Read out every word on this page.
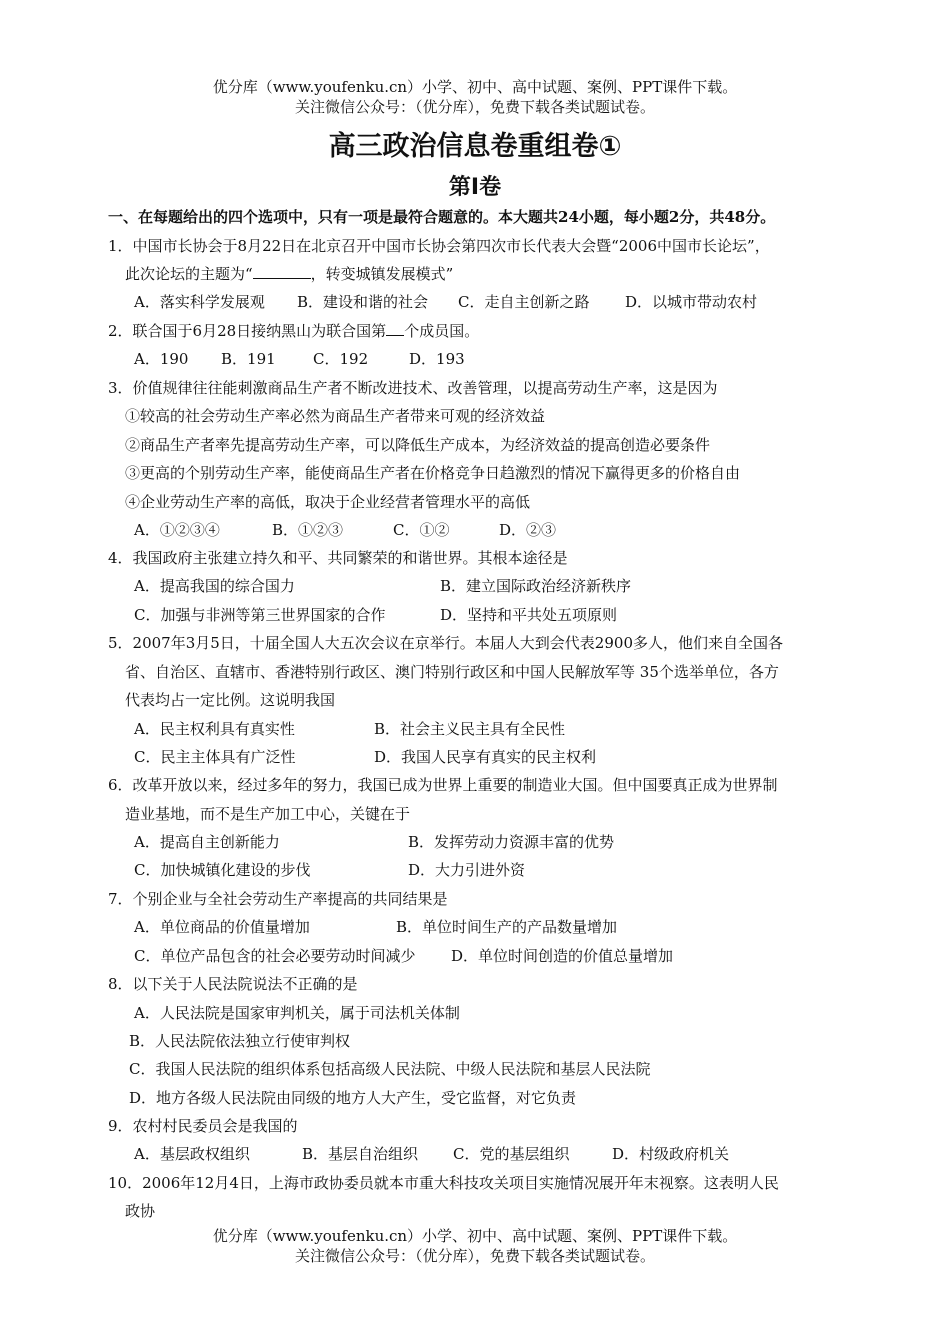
优分库（www.youfenku.cn）小学、初中、高中试题、案例、PPT课件下载。
关注微信公众号：（优分库），免费下载各类试题试卷。
高三政治信息卷重组卷①
第Ⅰ卷
一、在每题给出的四个选项中，只有一项是最符合题意的。本大题共24小题，每小题2分，共48分。
1．中国市长协会于8月22日在北京召开中国市长协会第四次市长代表大会暨“2006中国市长论坛”，
此次论坛的主题为“	，转变城镇发展模式”
A．落实科学发展观 B．建设和谐的社会 C．走自主创新之路 D．以城市带动农村
2．联合国于6月28日接纳黑山为联合国第 个成员国。
A．190 B．191 C．192	D．193
3．价值规律往往能刺激商品生产者不断改进技术、改善管理，以提高劳动生产率，这是因为
①较高的社会劳动生产率必然为商品生产者带来可观的经济效益
②商品生产者率先提高劳动生产率，可以降低生产成本，为经济效益的提高创造必要条件
③更高的个别劳动生产率，能使商品生产者在价格竞争日趋激烈的情况下赢得更多的价格自由
④企业劳动生产率的高低，取决于企业经营者管理水平的高低
A．①②③④	B．①②③	C．①②	D．②③
4．我国政府主张建立持久和平、共同繁荣的和谐世界。其根本途径是
A．提高我国的综合国力	B．建立国际政治经济新秩序
C．加强与非洲等第三世界国家的合作	D．坚持和平共处五项原则
5．2007年3月5日，十届全国人大五次会议在京举行。本届人大到会代表2900多人，他们来自全国各
省、自治区、直辖市、香港特别行政区、澳门特别行政区和中国人民解放军等 35个选举单位，各方
代表均占一定比例。这说明我国
A．民主权利具有真实性	B．社会主义民主具有全民性
C．民主主体具有广泛性	D．我国人民享有真实的民主权利
6．改革开放以来，经过多年的努力，我国已成为世界上重要的制造业大国。但中国要真正成为世界制
造业基地，而不是生产加工中心，关键在于
A．提高自主创新能力	B．发挥劳动力资源丰富的优势
C．加快城镇化建设的步伐	D．大力引进外资
7．个别企业与全社会劳动生产率提高的共同结果是
A．单位商品的价值量增加	B．单位时间生产的产品数量增加
C．单位产品包含的社会必要劳动时间减少 D．单位时间创造的价值总量增加
8．以下关于人民法院说法不正确的是
A．人民法院是国家审判机关，属于司法机关体制
B．人民法院依法独立行使审判权
C．我国人民法院的组织体系包括高级人民法院、中级人民法院和基层人民法院
D．地方各级人民法院由同级的地方人大产生，受它监督，对它负责
9．农村村民委员会是我国的
A．基层政权组织	B．基层自治组织 C．党的基层组织	D．村级政府机关
10．2006年12月4日，上海市政协委员就本市重大科技攻关项目实施情况展开年末视察。这表明人民
政协
优分库（www.youfenku.cn）小学、初中、高中试题、案例、PPT课件下载。
关注微信公众号：（优分库），免费下载各类试题试卷。
